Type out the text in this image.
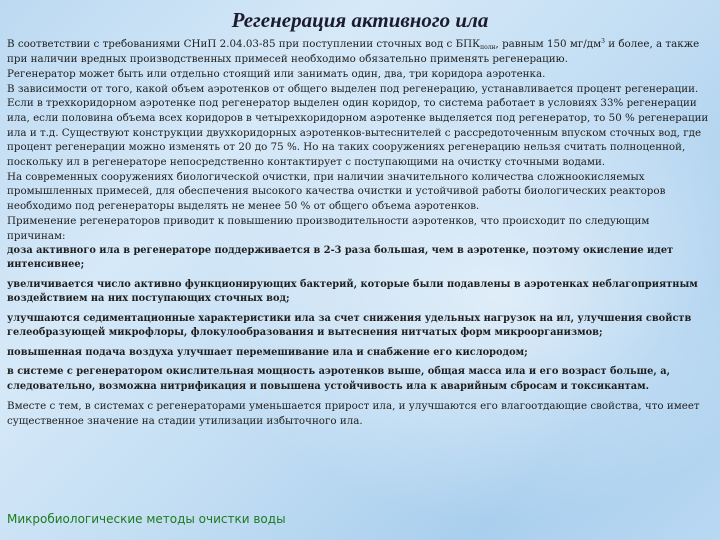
Регенерация активного ила

В соответствии с требованиями СНиП 2.04.03-85 при поступлении сточных вод с $БПК_{полн}$, равным 150 $мг/дм^3$ и более, а также при наличии вредных производственных примесей необходимо обязательно применять регенерацию.

Регенератор может быть или отдельно стоящий или занимать один, два, три коридора аэротенка.

В зависимости от того, какой объем аэротенков от общего выделен под регенерацию, устанавливается процент регенерации. Если в трехкоридорном аэротенке под регенератор выделен один коридор, то система работает в условиях 33% регенерации ила, если половина объема всех коридоров в четырехкоридорном аэротенке выделяется под регенератор, то 50 % регенерации ила и т.д. Существуют конструкции двухкоридорных аэротенков-вытеснителей с рассредоточенным впуском сточных вод, где процент регенерации можно изменять от 20 до 75 %. Но на таких сооружениях регенерацию нельзя считать полноценной, поскольку ил в регенераторе непосредственно контактирует с поступающими на очистку сточными водами.

На современных сооружениях биологической очистки, при наличии значительного количества сложноокисляемых промышленных примесей, для обеспечения высокого качества очистки и устойчивой работы биологических реакторов необходимо под регенераторы выделять не менее 50 % от общего объема аэротенков.

Применение регенераторов приводит к повышению производительности аэротенков, что происходит по следующим причинам:

доза активного ила в регенераторе поддерживается в 2-3 раза большая, чем в аэротенке, поэтому окисление идет интенсивнее;

увеличивается число активно функционирующих бактерий, которые были подавлены в аэротенках неблагоприятным воздействием на них поступающих сточных вод;

улучшаются седиментационные характеристики ила за счет снижения удельных нагрузок на ил, улучшения свойств гелеобразующей микрофлоры, флокулообразования и вытеснения нитчатых форм микроорганизмов;

повышенная подача воздуха улучшает перемешивание ила и снабжение его кислородом;

в системе с регенератором окислительная мощность аэротенков выше, общая масса ила и его возраст больше, а, следовательно, возможна нитрификация и повышена устойчивость ила к аварийным сбросам и токсикантам.

Вместе с тем, в системах с регенераторами уменьшается прирост ила, и улучшаются его влагоотдающие свойства, что имеет существенное значение на стадии утилизации избыточного ила.

Микробиологические методы очистки воды
